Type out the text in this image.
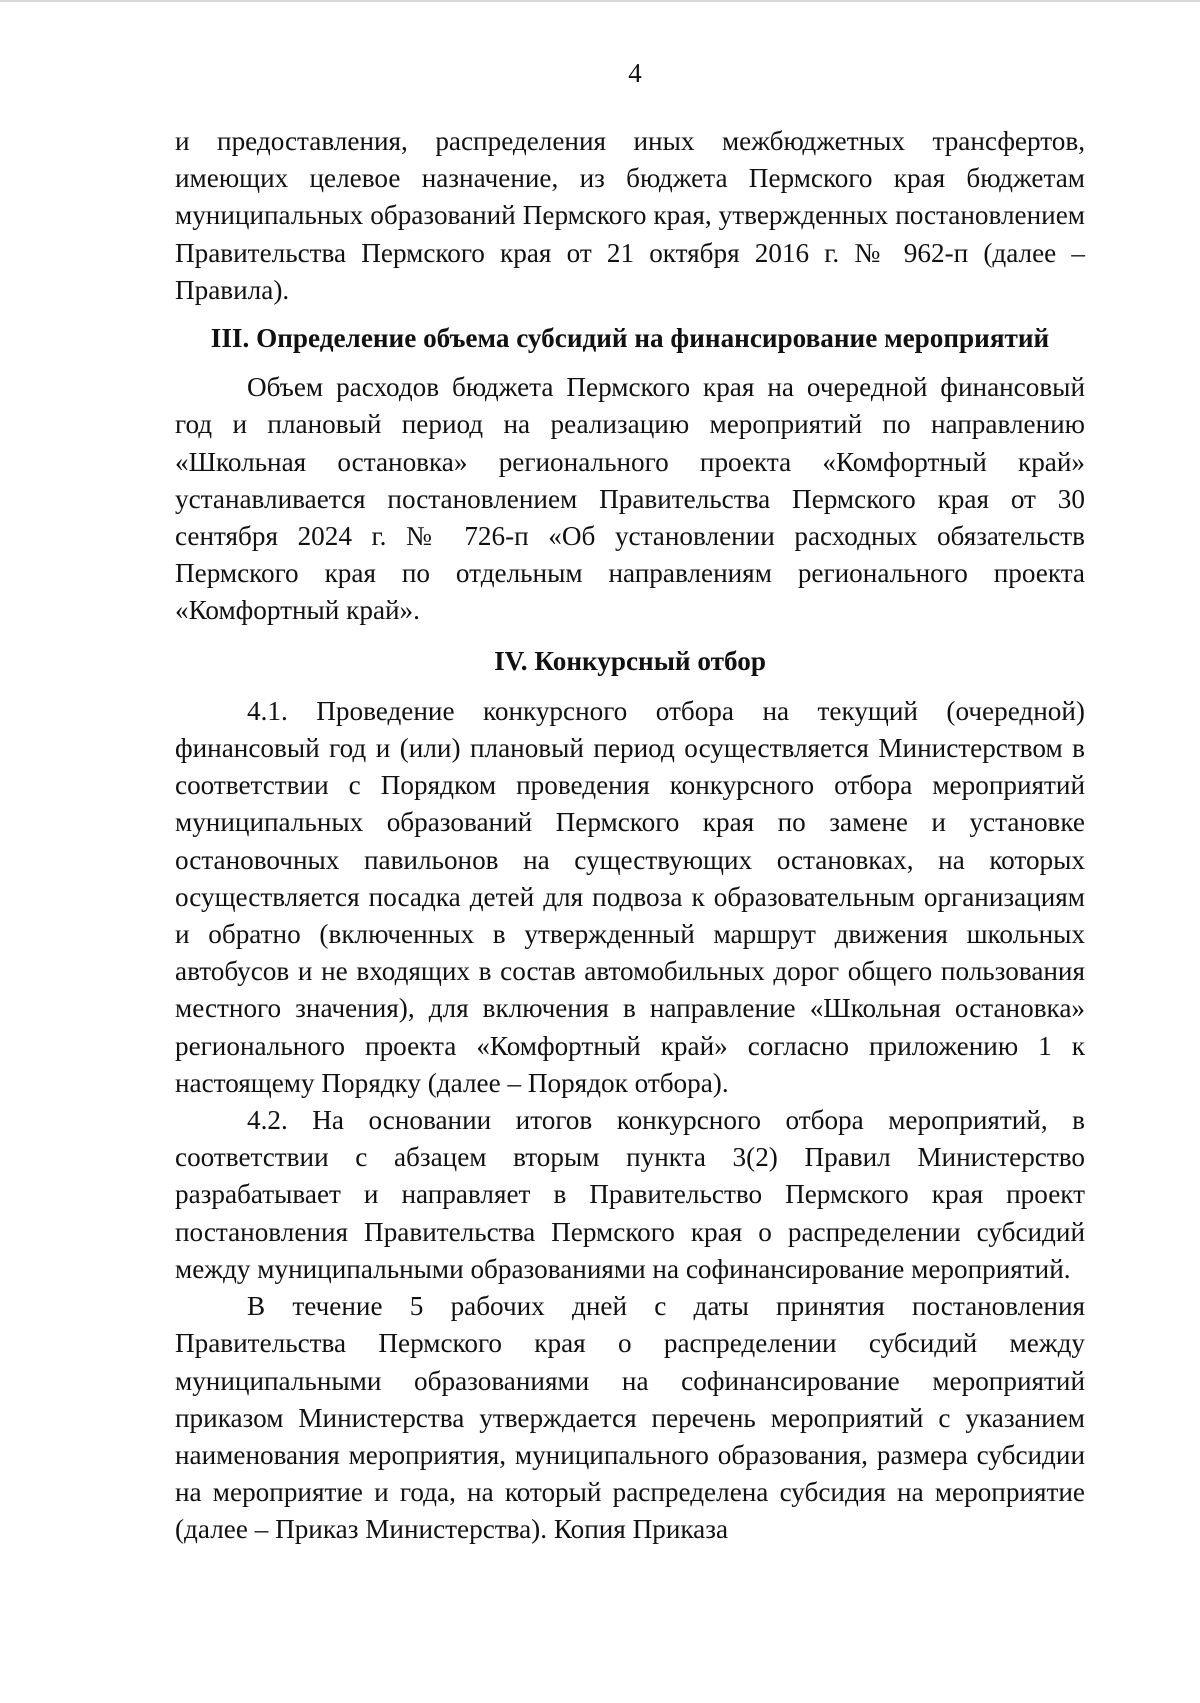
4

и предоставления, распределения иных межбюджетных трансфертов, имеющих целевое назначение, из бюджета Пермского края бюджетам муниципальных образований Пермского края, утвержденных постановлением Правительства Пермского края от 21 октября 2016 г. № 962-п (далее – Правила).

III. Определение объема субсидий на финансирование мероприятий

Объем расходов бюджета Пермского края на очередной финансовый год и плановый период на реализацию мероприятий по направлению «Школьная остановка» регионального проекта «Комфортный край» устанавливается постановлением Правительства Пермского края от 30 сентября 2024 г. № 726-п «Об установлении расходных обязательств Пермского края по отдельным направлениям регионального проекта «Комфортный край».

IV. Конкурсный отбор

4.1. Проведение конкурсного отбора на текущий (очередной) финансовый год и (или) плановый период осуществляется Министерством в соответствии с Порядком проведения конкурсного отбора мероприятий муниципальных образований Пермского края по замене и установке остановочных павильонов на существующих остановках, на которых осуществляется посадка детей для подвоза к образовательным организациям и обратно (включенных в утвержденный маршрут движения школьных автобусов и не входящих в состав автомобильных дорог общего пользования местного значения), для включения в направление «Школьная остановка» регионального проекта «Комфортный край» согласно приложению 1 к настоящему Порядку (далее – Порядок отбора).

4.2. На основании итогов конкурсного отбора мероприятий, в соответствии с абзацем вторым пункта 3(2) Правил Министерство разрабатывает и направляет в Правительство Пермского края проект постановления Правительства Пермского края о распределении субсидий между муниципальными образованиями на софинансирование мероприятий.

В течение 5 рабочих дней с даты принятия постановления Правительства Пермского края о распределении субсидий между муниципальными образованиями на софинансирование мероприятий приказом Министерства утверждается перечень мероприятий с указанием наименования мероприятия, муниципального образования, размера субсидии на мероприятие и года, на который распределена субсидия на мероприятие (далее – Приказ Министерства). Копия Приказа
